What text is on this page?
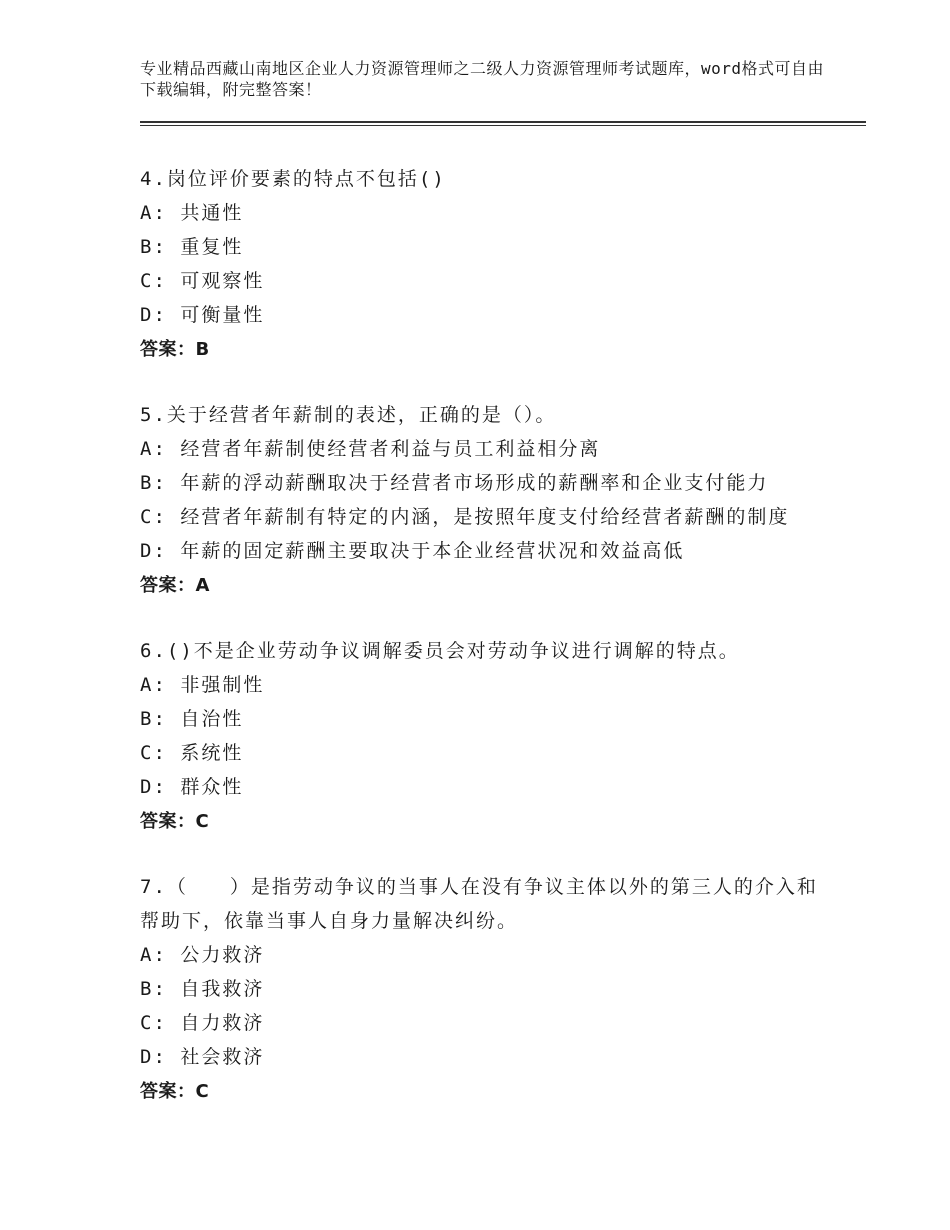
专业精品西藏山南地区企业人力资源管理师之二级人力资源管理师考试题库，word格式可自由下载编辑，附完整答案！
4.岗位评价要素的特点不包括()
A: 共通性
B: 重复性
C: 可观察性
D: 可衡量性
答案：B
5.关于经营者年薪制的表述，正确的是（）。
A: 经营者年薪制使经营者利益与员工利益相分离
B: 年薪的浮动薪酬取决于经营者市场形成的薪酬率和企业支付能力
C: 经营者年薪制有特定的内涵，是按照年度支付给经营者薪酬的制度
D: 年薪的固定薪酬主要取决于本企业经营状况和效益高低
答案：A
6.()不是企业劳动争议调解委员会对劳动争议进行调解的特点。
A: 非强制性
B: 自治性
C: 系统性
D: 群众性
答案：C
7.（　　）是指劳动争议的当事人在没有争议主体以外的第三人的介入和帮助下，依靠当事人自身力量解决纠纷。
A: 公力救济
B: 自我救济
C: 自力救济
D: 社会救济
答案：C
